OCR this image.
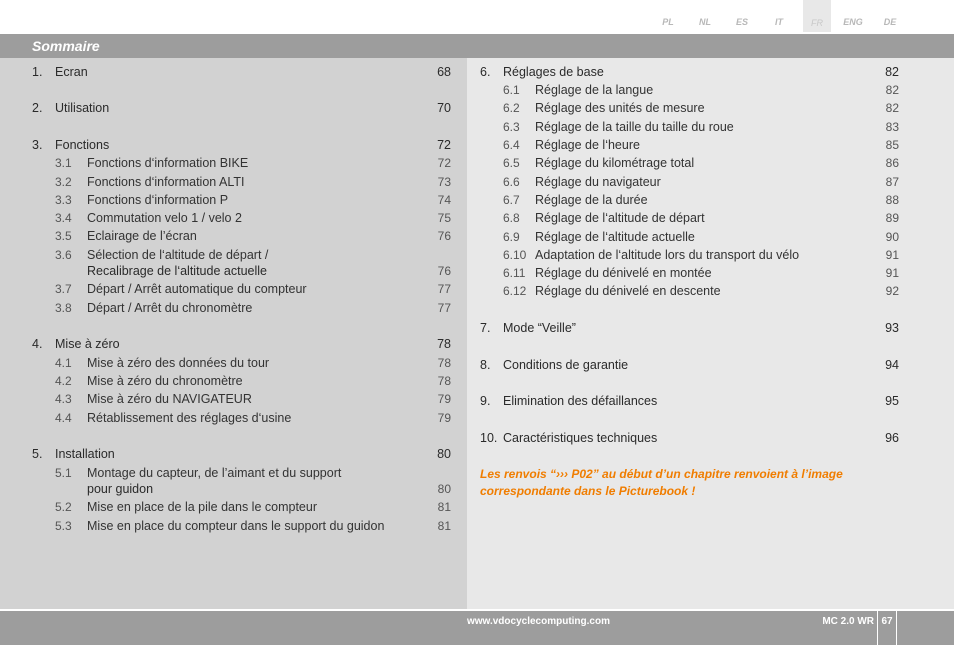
PL	NL	ES	IT	FR	ENG	DE
Sommaire
1. Ecran	68
2. Utilisation	70
3. Fonctions	72
3.1 Fonctions d‘information BIKE	72
3.2 Fonctions d‘information ALTI	73
3.3 Fonctions d‘information P	74
3.4 Commutation velo 1 / velo 2	75
3.5 Eclairage de l’écran	76
3.6 Sélection de l‘altitude de départ /
Recalibrage de l‘altitude actuelle	76
3.7 Départ / Arrêt automatique du compteur	77
3.8 Départ / Arrêt du chronomètre	77
4. Mise à zéro	78
4.1 Mise à zéro des données du tour	78
4.2 Mise à zéro du chronomètre	78
4.3 Mise à zéro du NAVIGATEUR	79
4.4 Rétablissement des réglages d‘usine	79
5. Installation	80
5.1 Montage du capteur, de l’aimant et du support
pour guidon	80
5.2 Mise en place de la pile dans le compteur	81
5.3 Mise en place du compteur dans le support du guidon	81
6. Réglages de base	82
6.1 Réglage de la langue	82
6.2 Réglage des unités de mesure	82
6.3 Réglage de la taille du taille du roue	83
6.4 Réglage de l‘heure	85
6.5 Réglage du kilométrage total	86
6.6 Réglage du navigateur	87
6.7 Réglage de la durée	88
6.8 Réglage de l‘altitude de départ	89
6.9 Réglage de l‘altitude actuelle	90
6.10 Adaptation de l‘altitude lors du transport du vélo	91
6.11 Réglage du dénivelé en montée	91
6.12 Réglage du dénivelé en descente	92
7. Mode “Veille”	93
8. Conditions de garantie	94
9. Elimination des défaillances	95
10. Caractéristiques techniques	96
Les renvois “››› P02” au début d’un chapitre renvoient à l’image correspondante dans le Picturebook !
www.vdocyclecomputing.com	MC 2.0 WR 67
